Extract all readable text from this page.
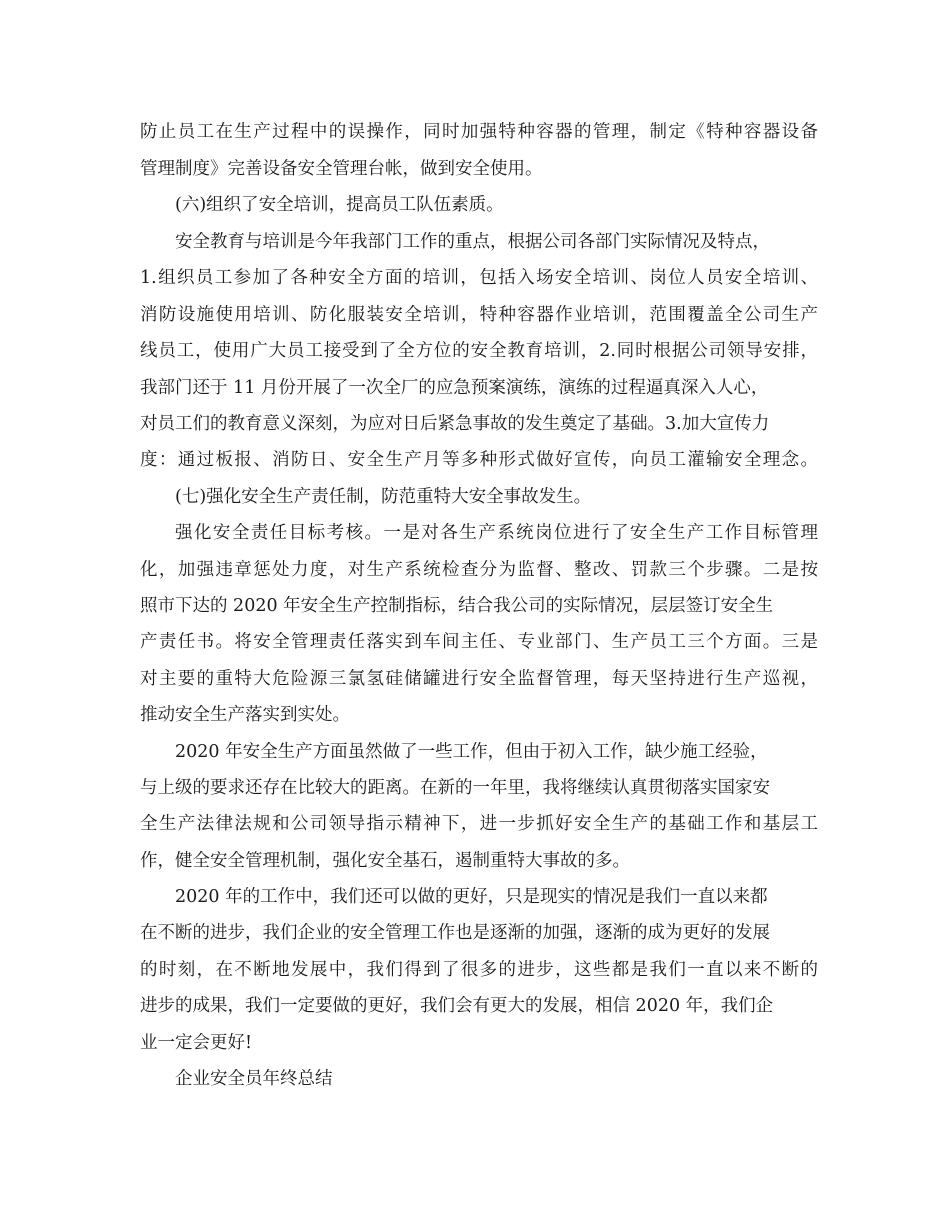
防止员工在生产过程中的误操作，同时加强特种容器的管理，制定《特种容器设备

管理制度》完善设备安全管理台帐，做到安全使用。

(六)组织了安全培训，提高员工队伍素质。

安全教育与培训是今年我部门工作的重点，根据公司各部门实际情况及特点，

1.组织员工参加了各种安全方面的培训，包括入场安全培训、岗位人员安全培训、

消防设施使用培训、防化服装安全培训，特种容器作业培训，范围覆盖全公司生产

线员工，使用广大员工接受到了全方位的安全教育培训，2.同时根据公司领导安排，

我部门还于 11 月份开展了一次全厂的应急预案演练，演练的过程逼真深入人心，

对员工们的教育意义深刻，为应对日后紧急事故的发生奠定了基础。3.加大宣传力

度：通过板报、消防日、安全生产月等多种形式做好宣传，向员工灌输安全理念。

(七)强化安全生产责任制，防范重特大安全事故发生。

强化安全责任目标考核。一是对各生产系统岗位进行了安全生产工作目标管理

化，加强违章惩处力度，对生产系统检查分为监督、整改、罚款三个步骤。二是按

照市下达的 2020 年安全生产控制指标，结合我公司的实际情况，层层签订安全生

产责任书。将安全管理责任落实到车间主任、专业部门、生产员工三个方面。三是

对主要的重特大危险源三氯氢硅储罐进行安全监督管理，每天坚持进行生产巡视，

推动安全生产落实到实处。

2020 年安全生产方面虽然做了一些工作，但由于初入工作，缺少施工经验，

与上级的要求还存在比较大的距离。在新的一年里，我将继续认真贯彻落实国家安

全生产法律法规和公司领导指示精神下，进一步抓好安全生产的基础工作和基层工

作，健全安全管理机制，强化安全基石，遏制重特大事故的多。

2020 年的工作中，我们还可以做的更好，只是现实的情况是我们一直以来都

在不断的进步，我们企业的安全管理工作也是逐渐的加强，逐渐的成为更好的发展

的时刻，在不断地发展中，我们得到了很多的进步，这些都是我们一直以来不断的

进步的成果，我们一定要做的更好，我们会有更大的发展，相信 2020 年，我们企

业一定会更好!

企业安全员年终总结
